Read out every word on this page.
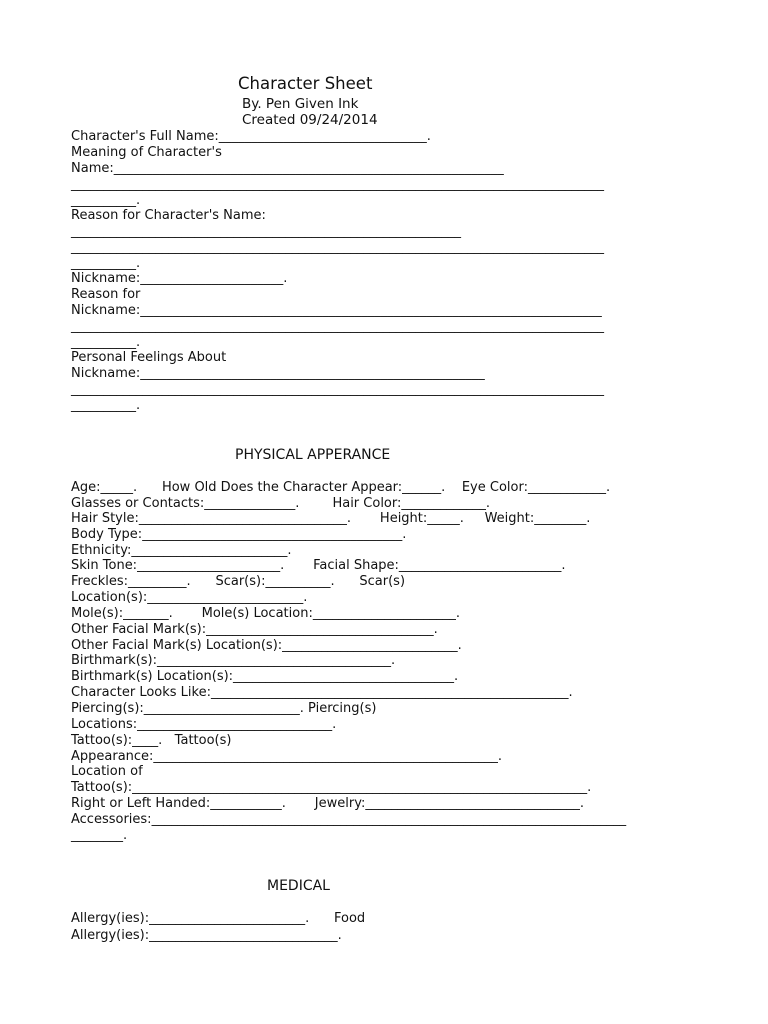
Character Sheet
By. Pen Given Ink
Created 09/24/2014

Character's Full Name:________________________________.

Meaning of Character's

Name:____________________________________________________________

__________________________________________________________________________________

__________.

Reason for Character's Name:

____________________________________________________________

__________________________________________________________________________________

__________.

Nickname:______________________.

Reason for

Nickname:_______________________________________________________________________

__________________________________________________________________________________

__________.

Personal Feelings About

Nickname:_____________________________________________________

__________________________________________________________________________________

__________.

PHYSICAL APPERANCE

Age:_____.      How Old Does the Character Appear:______.    Eye Color:____________.

Glasses or Contacts:______________.        Hair Color:_____________.

Hair Style:________________________________.       Height:_____.     Weight:________.

Body Type:________________________________________.

Ethnicity:________________________.

Skin Tone:______________________.       Facial Shape:_________________________.

Freckles:_________.      Scar(s):__________.      Scar(s)

Location(s):________________________.

Mole(s):_______.       Mole(s) Location:______________________.

Other Facial Mark(s):___________________________________.

Other Facial Mark(s) Location(s):___________________________.

Birthmark(s):____________________________________.

Birthmark(s) Location(s):__________________________________.

Character Looks Like:_______________________________________________________.

Piercing(s):________________________. Piercing(s)

Locations:______________________________.

Tattoo(s):____.   Tattoo(s)

Appearance:_____________________________________________________.

Location of

Tattoo(s):______________________________________________________________________.

Right or Left Handed:___________.       Jewelry:_________________________________.

Accessories:_________________________________________________________________________

________.

MEDICAL

Allergy(ies):________________________.      Food

Allergy(ies):_____________________________.
